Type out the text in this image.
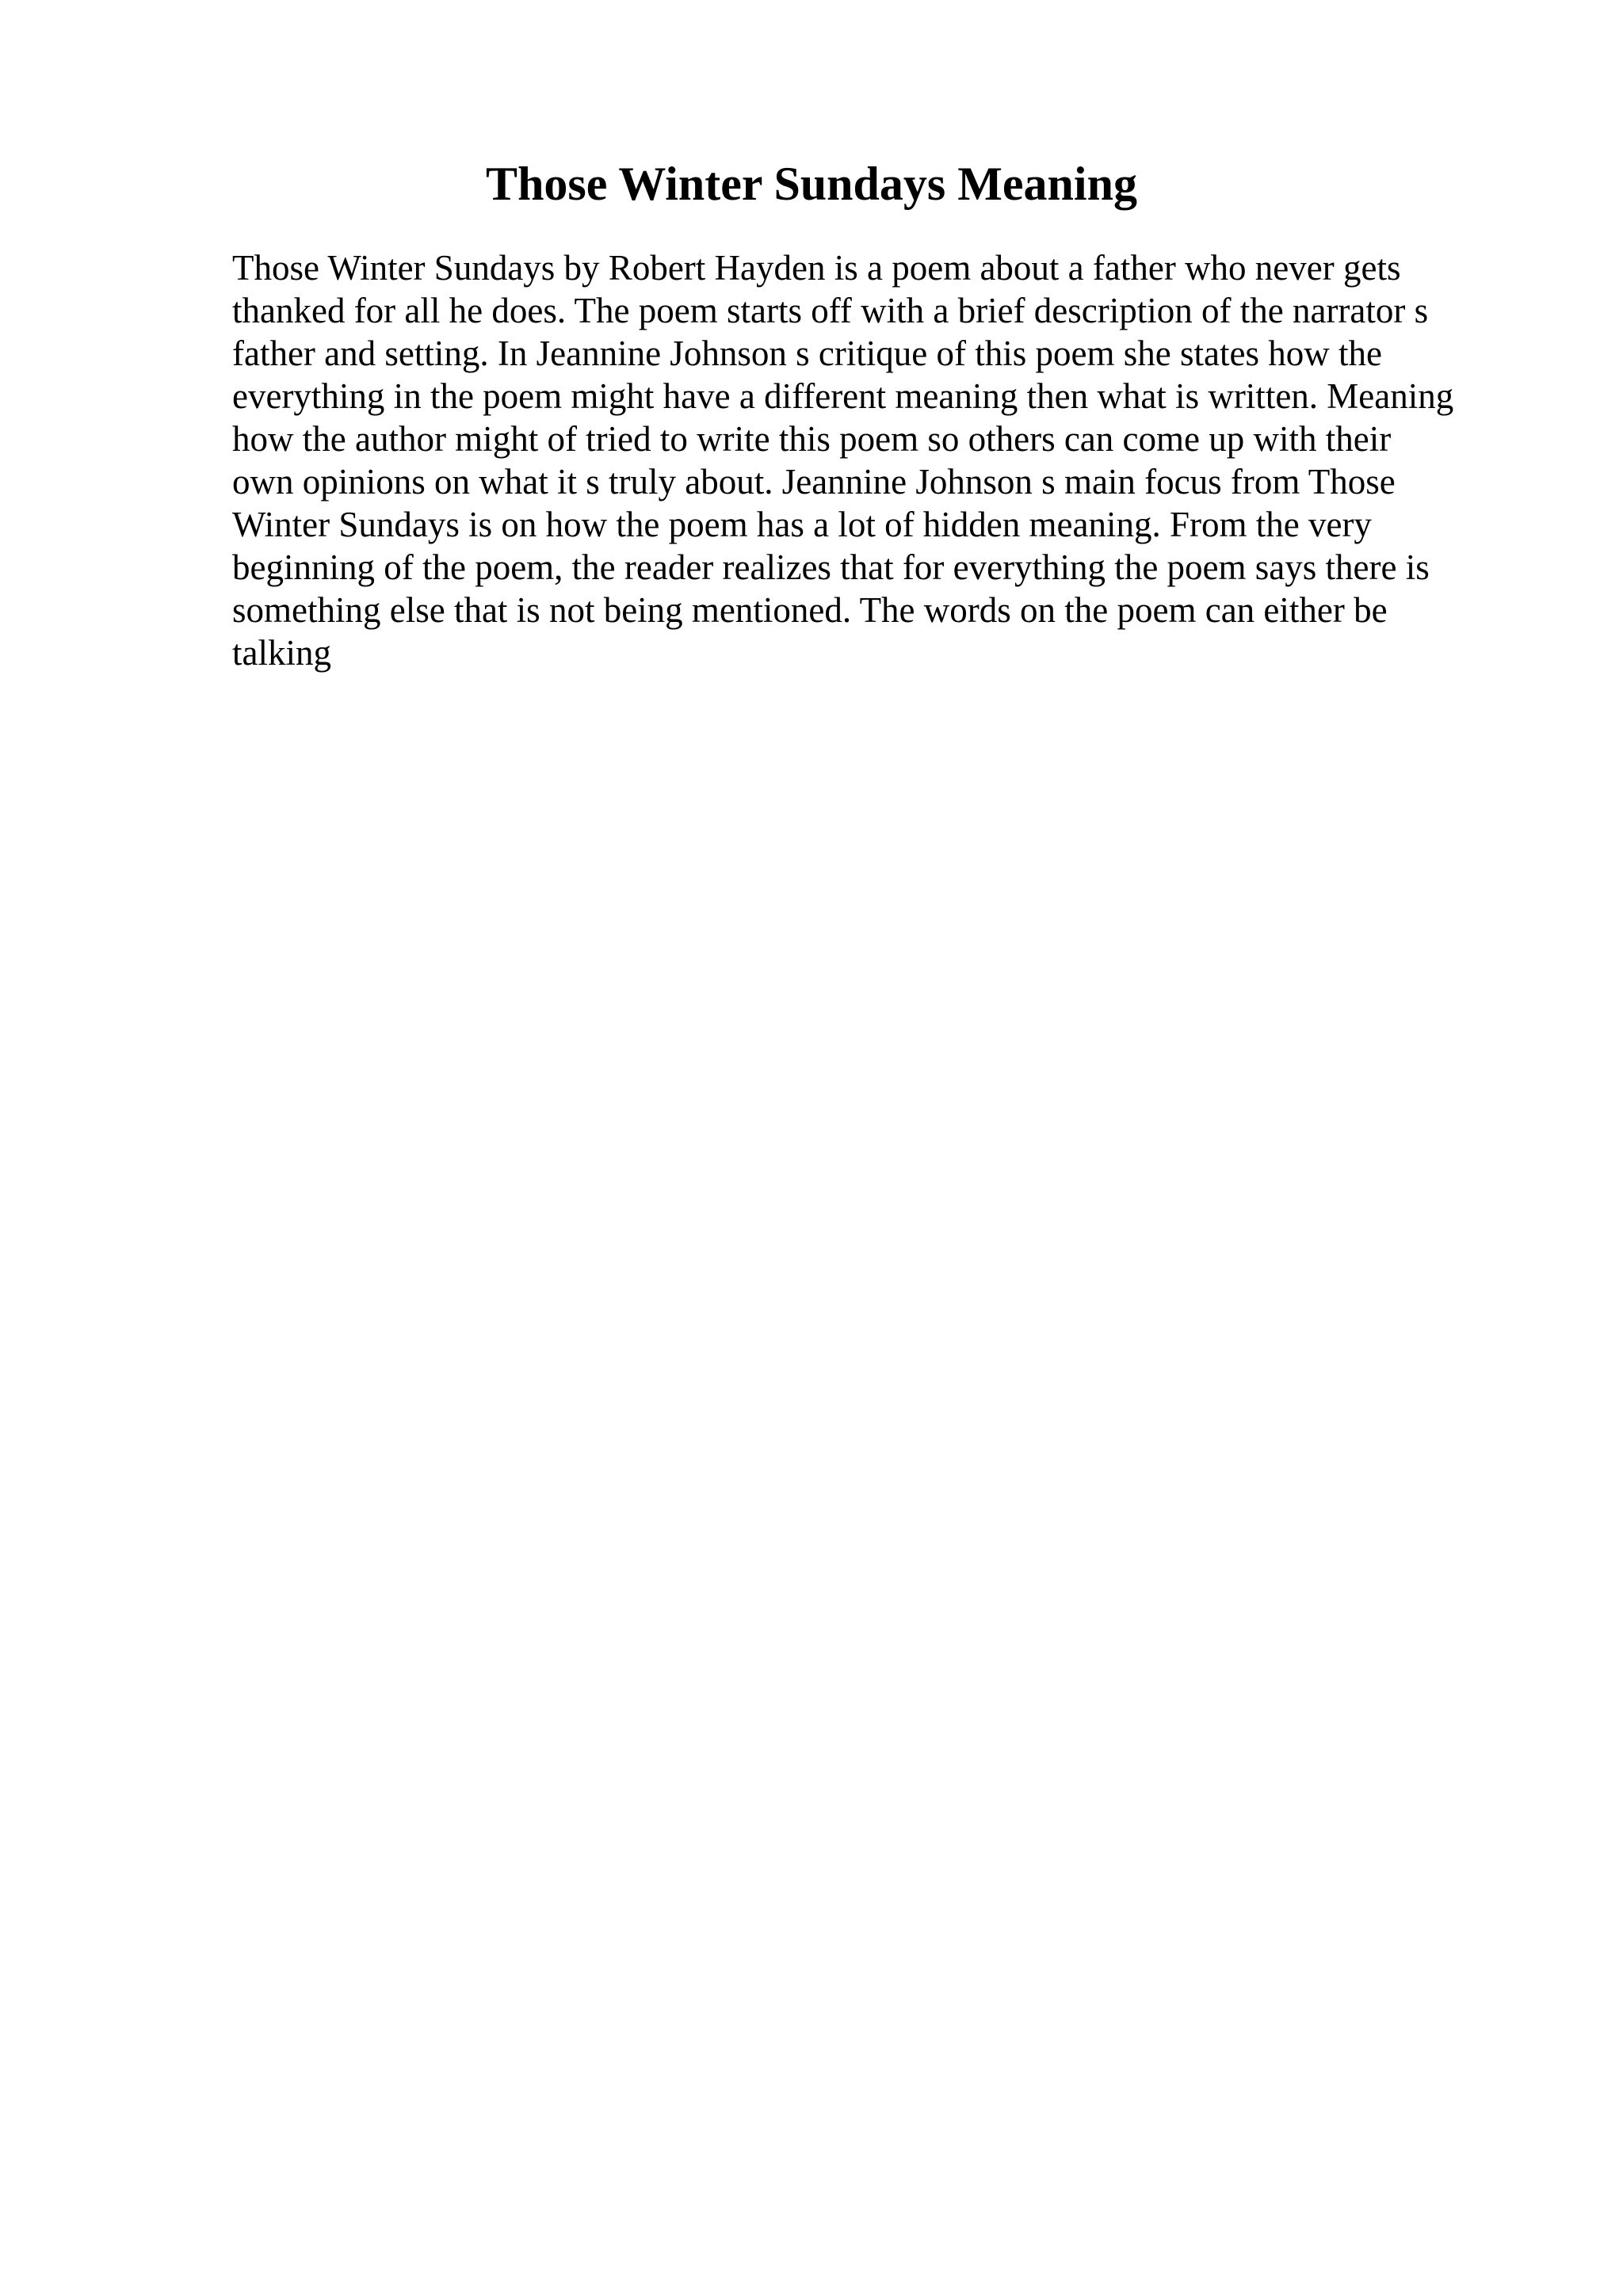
Those Winter Sundays Meaning
Those Winter Sundays by Robert Hayden is a poem about a father who never gets
thanked for all he does. The poem starts off with a brief description of the narrator s
father and setting. In Jeannine Johnson s critique of this poem she states how the
everything in the poem might have a different meaning then what is written. Meaning
how the author might of tried to write this poem so others can come up with their
own opinions on what it s truly about. Jeannine Johnson s main focus from Those
Winter Sundays is on how the poem has a lot of hidden meaning. From the very
beginning of the poem, the reader realizes that for everything the poem says there is
something else that is not being mentioned. The words on the poem can either be
talking
